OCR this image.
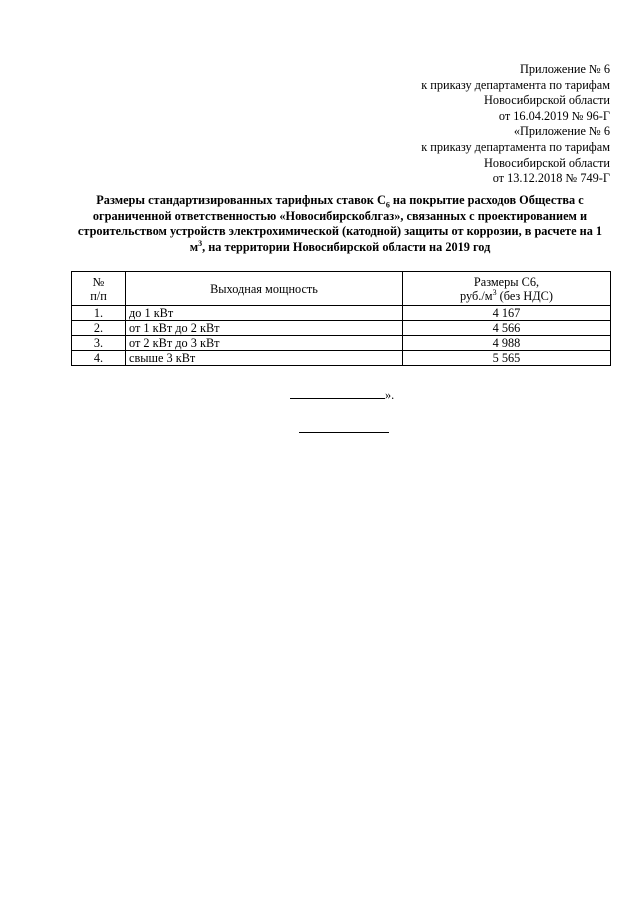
Приложение № 6
к приказу департамента по тарифам
Новосибирской области
от 16.04.2019 № 96-Г
«Приложение № 6
к приказу департамента по тарифам
Новосибирской области
от 13.12.2018 № 749-Г
Размеры стандартизированных тарифных ставок $С_6$ на покрытие расходов Общества с ограниченной ответственностью «Новосибирскоблгаз», связанных с проектированием и строительством устройств электрохимической (катодной) защиты от коррозии, в расчете на 1 $м^3$, на территории Новосибирской области на 2019 год
№
п/п	Выходная мощность	Размеры С6,
$руб./м^3$ (без НДС)
1.	до 1 кВт	4 167
2.	от 1 кВт до 2 кВт	4 566
3.	от 2 кВт до 3 кВт	4 988
4.	свыше 3 кВт	5 565
».
